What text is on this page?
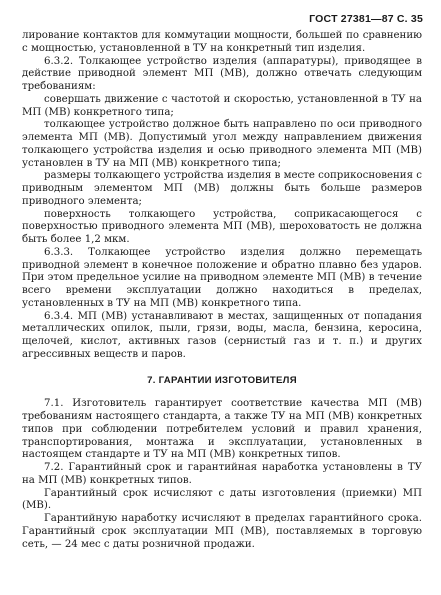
ГОСТ 27381—87 С. 35

лирование контактов для коммутации мощности, большей по сравнению с мощностью, установленной в ТУ на конкретный тип изделия.

6.3.2. Толкающее устройство изделия (аппаратуры), приводящее в действие приводной элемент МП (МВ), должно отвечать следующим требованиям:

совершать движение с частотой и скоростью, установленной в ТУ на МП (МВ) конкретного типа;

толкающее устройство должное быть направлено по оси приводного элемента МП (МВ). Допустимый угол между направлением движения толкающего устройства изделия и осью приводного элемента МП (МВ) установлен в ТУ на МП (МВ) конкретного типа;

размеры толкающего устройства изделия в месте соприкосновения с приводным элементом МП (МВ) должны быть больше размеров приводного элемента;

поверхность толкающего устройства, соприкасающегося с поверхностью приводного элемента МП (МВ), шероховатость не должна быть более 1,2 мкм.

6.3.3. Толкающее устройство изделия должно перемещать приводной элемент в конечное положение и обратно плавно без ударов. При этом предельное усилие на приводном элементе МП (МВ) в течение всего времени эксплуатации должно находиться в пределах, установленных в ТУ на МП (МВ) конкретного типа.

6.3.4. МП (МВ) устанавливают в местах, защищенных от попадания металлических опилок, пыли, грязи, воды, масла, бензина, керосина, щелочей, кислот, активных газов (сернистый газ и т. п.) и других агрессивных веществ и паров.

7. ГАРАНТИИ ИЗГОТОВИТЕЛЯ

7.1. Изготовитель гарантирует соответствие качества МП (МВ) требованиям настоящего стандарта, а также ТУ на МП (МВ) конкретных типов при соблюдении потребителем условий и правил хранения, транспортирования, монтажа и эксплуатации, установленных в настоящем стандарте и ТУ на МП (МВ) конкретных типов.

7.2. Гарантийный срок и гарантийная наработка установлены в ТУ на МП (МВ) конкретных типов.

Гарантийный срок исчисляют с даты изготовления (приемки) МП (МВ).

Гарантийную наработку исчисляют в пределах гарантийного срока. Гарантийный срок эксплуатации МП (МВ), поставляемых в торговую сеть, — 24 мес с даты розничной продажи.
